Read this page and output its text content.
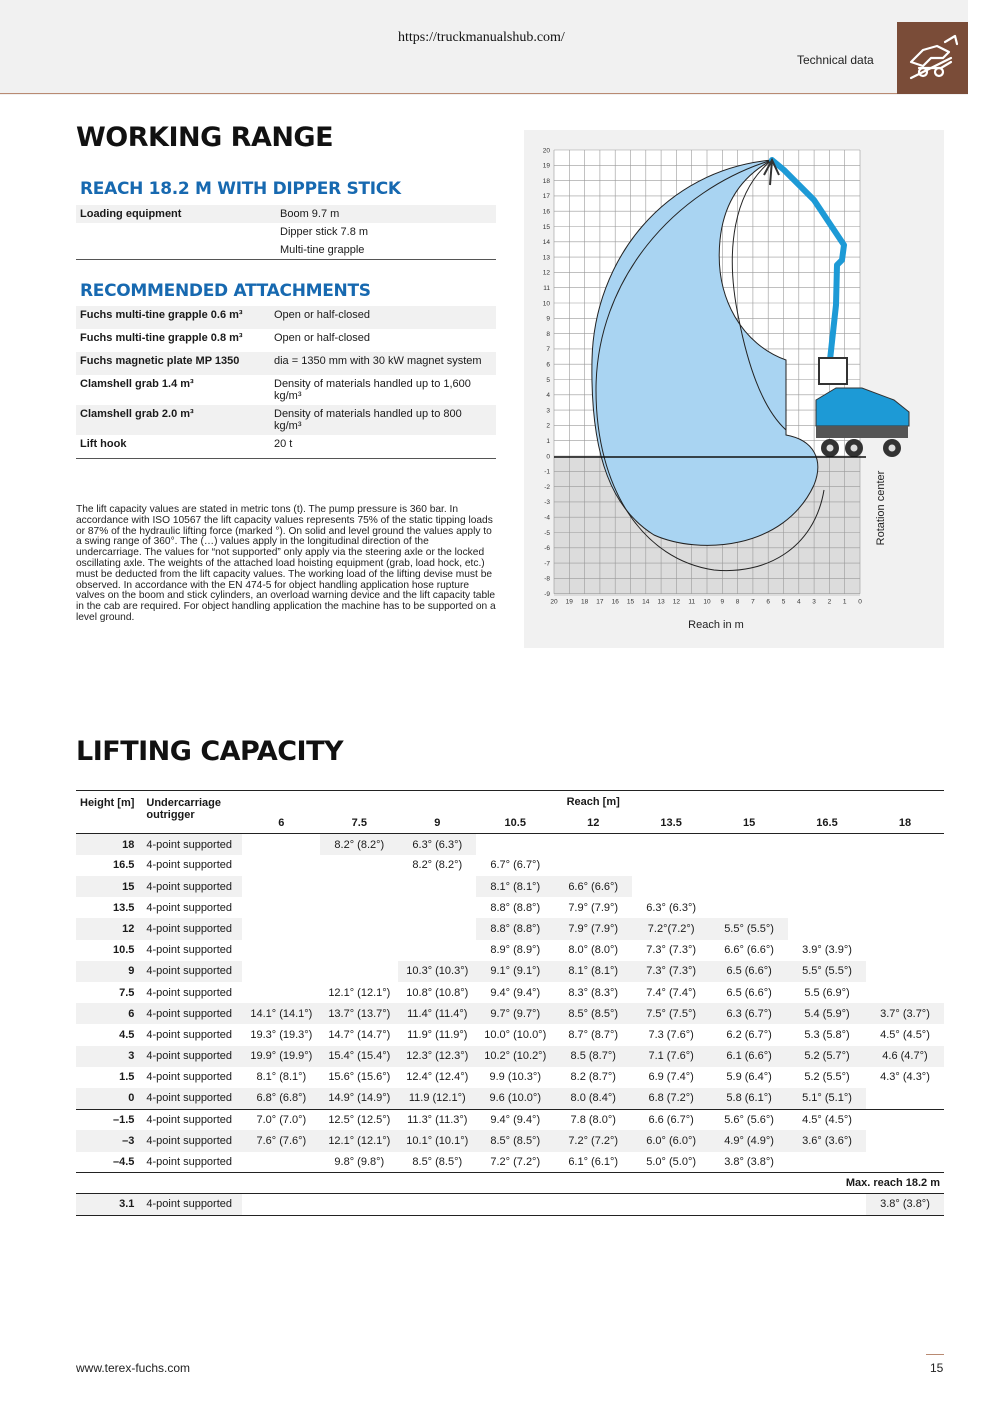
https://truckmanualshub.com/
Technical data
WORKING RANGE
REACH 18.2 M WITH DIPPER STICK
Loading equipment	Boom 9.7 m
	Dipper stick 7.8 m
	Multi-tine grapple
RECOMMENDED ATTACHMENTS
Fuchs multi-tine grapple 0.6 m³	Open or half-closed
Fuchs multi-tine grapple 0.8 m³	Open or half-closed
Fuchs magnetic plate MP 1350	dia = 1350 mm with 30 kW magnet system
Clamshell grab 1.4 m³	Density of materials handled up to 1,600 kg/m³
Clamshell grab 2.0 m³	Density of materials handled up to 800 kg/m³
Lift hook	20 t
The lift capacity values are stated in metric tons (t). The pump pressure is 360 bar. In accordance with ISO 10567 the lift capacity values represents 75% of the static tipping loads or 87% of the hydraulic lifting force (marked °). On solid and level ground the values apply to a swing range of 360°. The (…) values apply in the longitudinal direction of the undercarriage. The values for “not supported” only apply via the steering axle or the locked oscillating axle. The weights of the attached load hoisting equipment (grab, load hock, etc.) must be deducted from the lift capacity values. The working load of the lifting devise must be observed. In accordance with the EN 474-5 for object handling application hose rupture valves on the boom and stick cylinders, an overload warning device and the lift capacity table in the cab are required. For object handling application the machine has to be supported on a level ground.
20
19
18
17
16
15
14
13
12
11
10
9
8
7
6
5
4
3
2
1
0
-1
-2
-3
-4
-5
-6
-7
-8
-9
20 19 18 17 16 15 14 13 12 11 10 9 8 7 6 5 4 3 2 1 0
Reach in m
Rotation center
LIFTING CAPACITY
Height [m]	Undercarriage
outrigger	Reach [m]								
		6	7.5	9	10.5	12	13.5	15	16.5	18
18	4-point supported		8.2° (8.2°)	6.3° (6.3°)						
16.5	4-point supported			8.2° (8.2°)	6.7° (6.7°)					
15	4-point supported				8.1° (8.1°)	6.6° (6.6°)				
13.5	4-point supported				8.8° (8.8°)	7.9° (7.9°)	6.3° (6.3°)			
12	4-point supported				8.8° (8.8°)	7.9° (7.9°)	7.2°(7.2°)	5.5° (5.5°)		
10.5	4-point supported				8.9° (8.9°)	8.0° (8.0°)	7.3° (7.3°)	6.6° (6.6°)	3.9° (3.9°)	
9	4-point supported			10.3° (10.3°)	9.1° (9.1°)	8.1° (8.1°)	7.3° (7.3°)	6.5 (6.6°)	5.5° (5.5°)	
7.5	4-point supported		12.1° (12.1°)	10.8° (10.8°)	9.4° (9.4°)	8.3° (8.3°)	7.4° (7.4°)	6.5 (6.6°)	5.5 (6.9°)	
6	4-point supported	14.1° (14.1°)	13.7° (13.7°)	11.4° (11.4°)	9.7° (9.7°)	8.5° (8.5°)	7.5° (7.5°)	6.3 (6.7°)	5.4 (5.9°)	3.7° (3.7°)
4.5	4-point supported	19.3° (19.3°)	14.7° (14.7°)	11.9° (11.9°)	10.0° (10.0°)	8.7° (8.7°)	7.3 (7.6°)	6.2 (6.7°)	5.3 (5.8°)	4.5° (4.5°)
3	4-point supported	19.9° (19.9°)	15.4° (15.4°)	12.3° (12.3°)	10.2° (10.2°)	8.5 (8.7°)	7.1 (7.6°)	6.1 (6.6°)	5.2 (5.7°)	4.6 (4.7°)
1.5	4-point supported	8.1° (8.1°)	15.6° (15.6°)	12.4° (12.4°)	9.9 (10.3°)	8.2 (8.7°)	6.9 (7.4°)	5.9 (6.4°)	5.2 (5.5°)	4.3° (4.3°)
0	4-point supported	6.8° (6.8°)	14.9° (14.9°)	11.9 (12.1°)	9.6 (10.0°)	8.0 (8.4°)	6.8 (7.2°)	5.8 (6.1°)	5.1° (5.1°)	
–1.5	4-point supported	7.0° (7.0°)	12.5° (12.5°)	11.3° (11.3°)	9.4° (9.4°)	7.8 (8.0°)	6.6 (6.7°)	5.6° (5.6°)	4.5° (4.5°)	
–3	4-point supported	7.6° (7.6°)	12.1° (12.1°)	10.1° (10.1°)	8.5° (8.5°)	7.2° (7.2°)	6.0° (6.0°)	4.9° (4.9°)	3.6° (3.6°)	
–4.5	4-point supported		9.8° (9.8°)	8.5° (8.5°)	7.2° (7.2°)	6.1° (6.1°)	5.0° (5.0°)	3.8° (3.8°)		
Max. reach 18.2 m										
3.1	4-point supported									3.8° (3.8°)
www.terex-fuchs.com	15
